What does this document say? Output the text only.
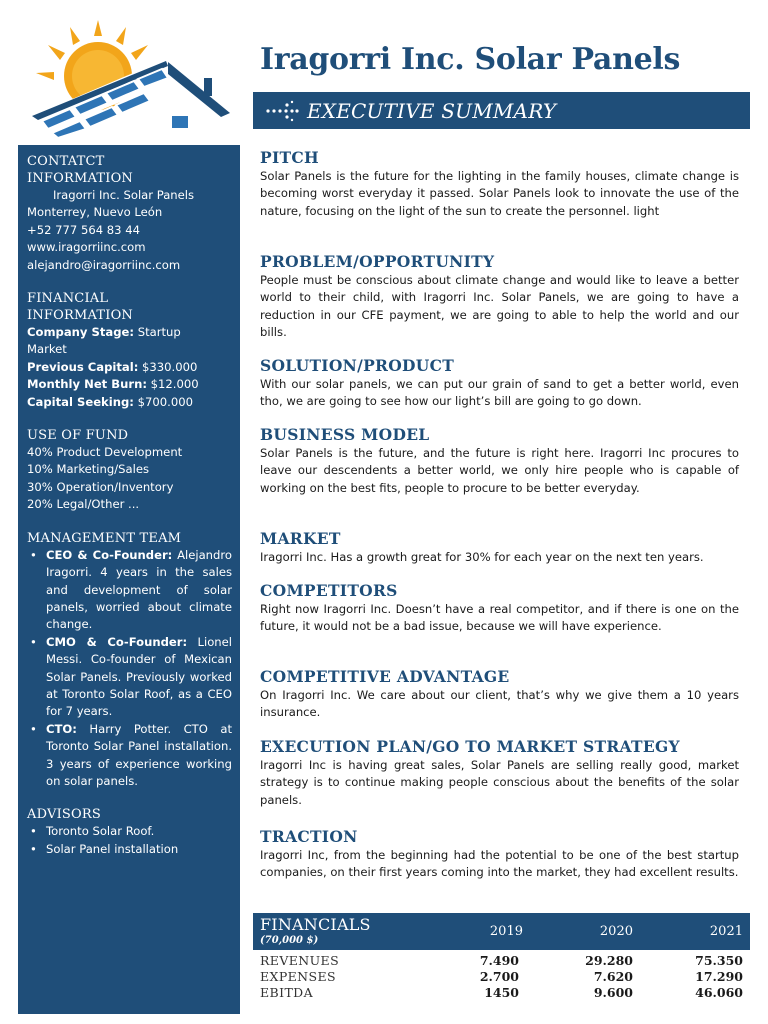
Iragorri Inc. Solar Panels
EXECUTIVE SUMMARY
CONTATCT
INFORMATION
Iragorri Inc. Solar Panels
Monterrey, Nuevo León
+52 777 564 83 44
www.iragorriinc.com
alejandro@iragorriinc.com
FINANCIAL
INFORMATION
Company Stage: Startup
Market
Previous Capital: $330.000
Monthly Net Burn: $12.000
Capital Seeking: $700.000
USE OF FUND
40% Product Development
10% Marketing/Sales
30% Operation/Inventory
20% Legal/Other ...
MANAGEMENT TEAM
• CEO & Co-Founder: Alejandro Iragorri. 4 years in the sales and development of solar panels, worried about climate change.
• CMO & Co-Founder: Lionel Messi. Co-founder of Mexican Solar Panels. Previously worked at Toronto Solar Roof, as a CEO for 7 years.
• CTO: Harry Potter. CTO at Toronto Solar Panel installation. 3 years of experience working on solar panels.
ADVISORS
• Toronto Solar Roof.
• Solar Panel installation
PITCH

Solar Panels is the future for the lighting in the family houses, climate change is becoming worst everyday it passed. Solar Panels look to innovate the use of the nature, focusing on the light of the sun to create the personnel. light

PROBLEM/OPPORTUNITY

People must be conscious about climate change and would like to leave a better world to their child, with Iragorri Inc. Solar Panels, we are going to have a reduction in our CFE payment, we are going to able to help the world and our bills.

SOLUTION/PRODUCT

With our solar panels, we can put our grain of sand to get a better world, even tho, we are going to see how our light’s bill are going to go down.

BUSINESS MODEL

Solar Panels is the future, and the future is right here. Iragorri Inc procures to leave our descendents a better world, we only hire people who is capable of working on the best fits, people to procure to be better everyday.

MARKET

Iragorri Inc. Has a growth great for 30% for each year on the next ten years.

COMPETITORS

Right now Iragorri Inc. Doesn’t have a real competitor, and if there is one on the future, it would not be a bad issue, because we will have experience.

COMPETITIVE ADVANTAGE

On Iragorri Inc. We care about our client, that’s why we give them a 10 years insurance.

EXECUTION PLAN/GO TO MARKET STRATEGY

Iragorri Inc is having great sales, Solar Panels are selling really good, market strategy is to continue making people conscious about the benefits of the solar panels.

TRACTION

Iragorri Inc, from the beginning had the potential to be one of the best startup companies, on their first years coming into the market, they had excellent results.

FINANCIALS
(70,000 $)
2019	2020	2021
REVENUES	7.490	29.280	75.350
EXPENSES	2.700	7.620	17.290
EBITDA	1450	9.600	46.060
